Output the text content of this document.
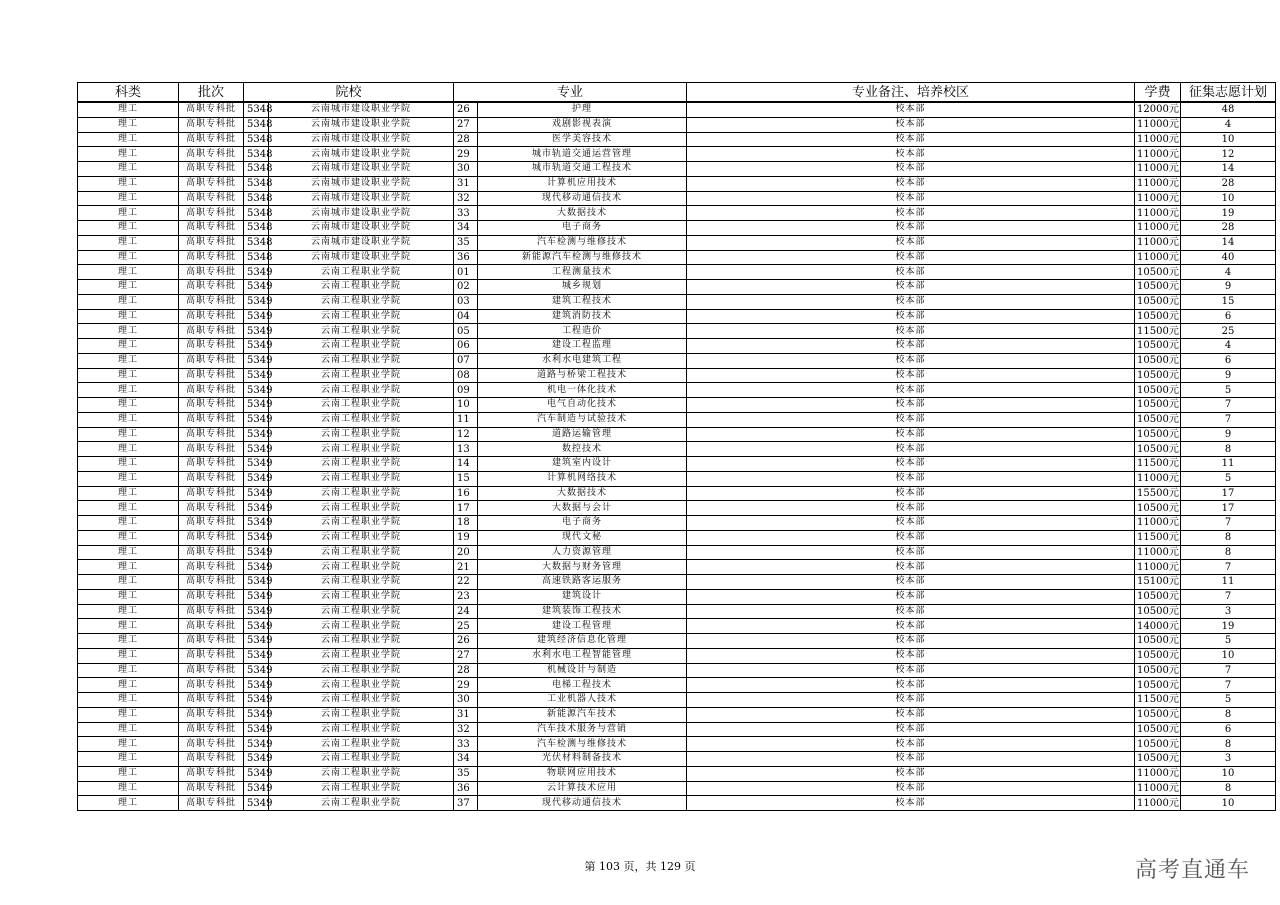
科类	批次	院校		专业		专业备注、培养校区	学费	征集志愿计划
理工	高职专科批	5348	云南城市建设职业学院	26	护理	校本部	12000元	48
理工	高职专科批	5348	云南城市建设职业学院	27	戏剧影视表演	校本部	11000元	4
理工	高职专科批	5348	云南城市建设职业学院	28	医学美容技术	校本部	11000元	10
理工	高职专科批	5348	云南城市建设职业学院	29	城市轨道交通运营管理	校本部	11000元	12
理工	高职专科批	5348	云南城市建设职业学院	30	城市轨道交通工程技术	校本部	11000元	14
理工	高职专科批	5348	云南城市建设职业学院	31	计算机应用技术	校本部	11000元	28
理工	高职专科批	5348	云南城市建设职业学院	32	现代移动通信技术	校本部	11000元	10
理工	高职专科批	5348	云南城市建设职业学院	33	大数据技术	校本部	11000元	19
理工	高职专科批	5348	云南城市建设职业学院	34	电子商务	校本部	11000元	28
理工	高职专科批	5348	云南城市建设职业学院	35	汽车检测与维修技术	校本部	11000元	14
理工	高职专科批	5348	云南城市建设职业学院	36	新能源汽车检测与维修技术	校本部	11000元	40
理工	高职专科批	5349	云南工程职业学院	01	工程测量技术	校本部	10500元	4
理工	高职专科批	5349	云南工程职业学院	02	城乡规划	校本部	10500元	9
理工	高职专科批	5349	云南工程职业学院	03	建筑工程技术	校本部	10500元	15
理工	高职专科批	5349	云南工程职业学院	04	建筑消防技术	校本部	10500元	6
理工	高职专科批	5349	云南工程职业学院	05	工程造价	校本部	11500元	25
理工	高职专科批	5349	云南工程职业学院	06	建设工程监理	校本部	10500元	4
理工	高职专科批	5349	云南工程职业学院	07	水利水电建筑工程	校本部	10500元	6
理工	高职专科批	5349	云南工程职业学院	08	道路与桥梁工程技术	校本部	10500元	9
理工	高职专科批	5349	云南工程职业学院	09	机电一体化技术	校本部	10500元	5
理工	高职专科批	5349	云南工程职业学院	10	电气自动化技术	校本部	10500元	7
理工	高职专科批	5349	云南工程职业学院	11	汽车制造与试验技术	校本部	10500元	7
理工	高职专科批	5349	云南工程职业学院	12	道路运输管理	校本部	10500元	9
理工	高职专科批	5349	云南工程职业学院	13	数控技术	校本部	10500元	8
理工	高职专科批	5349	云南工程职业学院	14	建筑室内设计	校本部	11500元	11
理工	高职专科批	5349	云南工程职业学院	15	计算机网络技术	校本部	11000元	5
理工	高职专科批	5349	云南工程职业学院	16	大数据技术	校本部	15500元	17
理工	高职专科批	5349	云南工程职业学院	17	大数据与会计	校本部	10500元	17
理工	高职专科批	5349	云南工程职业学院	18	电子商务	校本部	11000元	7
理工	高职专科批	5349	云南工程职业学院	19	现代文秘	校本部	11500元	8
理工	高职专科批	5349	云南工程职业学院	20	人力资源管理	校本部	11000元	8
理工	高职专科批	5349	云南工程职业学院	21	大数据与财务管理	校本部	11000元	7
理工	高职专科批	5349	云南工程职业学院	22	高速铁路客运服务	校本部	15100元	11
理工	高职专科批	5349	云南工程职业学院	23	建筑设计	校本部	10500元	7
理工	高职专科批	5349	云南工程职业学院	24	建筑装饰工程技术	校本部	10500元	3
理工	高职专科批	5349	云南工程职业学院	25	建设工程管理	校本部	14000元	19
理工	高职专科批	5349	云南工程职业学院	26	建筑经济信息化管理	校本部	10500元	5
理工	高职专科批	5349	云南工程职业学院	27	水利水电工程智能管理	校本部	10500元	10
理工	高职专科批	5349	云南工程职业学院	28	机械设计与制造	校本部	10500元	7
理工	高职专科批	5349	云南工程职业学院	29	电梯工程技术	校本部	10500元	7
理工	高职专科批	5349	云南工程职业学院	30	工业机器人技术	校本部	11500元	5
理工	高职专科批	5349	云南工程职业学院	31	新能源汽车技术	校本部	10500元	8
理工	高职专科批	5349	云南工程职业学院	32	汽车技术服务与营销	校本部	10500元	6
理工	高职专科批	5349	云南工程职业学院	33	汽车检测与维修技术	校本部	10500元	8
理工	高职专科批	5349	云南工程职业学院	34	光伏材料制备技术	校本部	10500元	3
理工	高职专科批	5349	云南工程职业学院	35	物联网应用技术	校本部	11000元	10
理工	高职专科批	5349	云南工程职业学院	36	云计算技术应用	校本部	11000元	8
理工	高职专科批	5349	云南工程职业学院	37	现代移动通信技术	校本部	11000元	10
第 103 页，共 129 页	高考直通车
